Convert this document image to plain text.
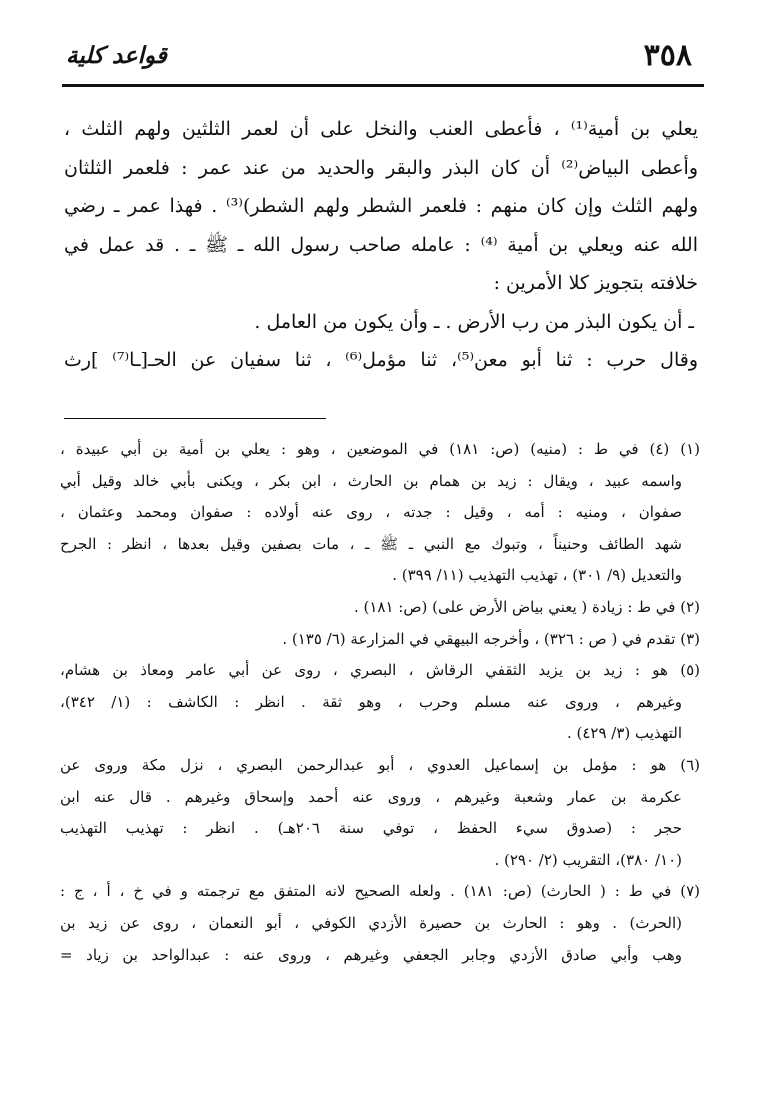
٣٥٨
قواعد كلية
يعلي بن أمية⁽¹⁾ ، فأعطى العنب والنخل على أن لعمر الثلثين ولهم الثلث ،
وأعطى البياض⁽²⁾ أن كان البذر والبقر والحديد من عند عمر : فلعمر الثلثان
ولهم الثلث وإن كان منهم : فلعمر الشطر ولهم الشطر)⁽³⁾ . فهذا عمر ـ رضي
الله عنه ويعلي بن أمية ⁽⁴⁾ : عامله صاحب رسول الله ـ ﷺ ـ . قد عمل في
خلافته بتجويز كلا الأمرين :
ـ أن يكون البذر من رب الأرض . ـ وأن يكون من العامل .
وقال حرب : ثنا أبو معن⁽⁵⁾، ثنا مؤمل⁽⁶⁾ ، ثنا سفيان عن الحـ[ـا⁽⁷⁾ ]رث
(١) (٤) في ط : (منيه) (ص: ١٨١) في الموضعين ، وهو : يعلي بن أمية بن أبي عبيدة ،
واسمه عبيد ، ويقال : زيد بن همام بن الحارث ، ابن بكر ، ويكنى بأبي خالد وقيل أبي
صفوان ، ومنيه : أمه ، وقيل : جدته ، روى عنه أولاده : صفوان ومحمد وعثمان ،
شهد الطائف وحنيناً ، وتبوك مع النبي ـ ﷺ ـ ، مات بصفين وقيل بعدها ، انظر : الجرح
والتعديل (٩/ ٣٠١) ، تهذيب التهذيب (١١/ ٣٩٩) .
(٢) في ط : زيادة ( يعني بياض الأرض على) (ص: ١٨١) .
(٣) تقدم في ( ص : ٣٢٦) ، وأخرجه البيهقي في المزارعة (٦/ ١٣٥) .
(٥) هو : زيد بن يزيد الثقفي الرقاش ، البصري ، روى عن أبي عامر ومعاذ بن هشام،
وغيرهم ، وروى عنه مسلم وحرب ، وهو ثقة . انظر : الكاشف : (١/ ٣٤٢)،
التهذيب (٣/ ٤٢٩) .
(٦) هو : مؤمل بن إسماعيل العدوي ، أبو عبدالرحمن البصري ، نزل مكة وروى عن
عكرمة بن عمار وشعبة وغيرهم ، وروى عنه أحمد وإسحاق وغيرهم . قال عنه ابن
حجر : (صدوق سيء الحفظ ، توفي سنة ٢٠٦هـ) . انظر : تهذيب التهذيب
(١٠/ ٣٨٠)، التقريب (٢/ ٢٩٠) .
(٧) في ط : ( الحارث) (ص: ١٨١) . ولعله الصحيح لانه المتفق مع ترجمته و في خ ، أ ، ج :
(الحرث) . وهو : الحارث بن حصيرة الأزدي الكوفي ، أبو النعمان ، روى عن زيد بن
وهب وأبي صادق الأزدي وجابر الجعفي وغيرهم ، وروى عنه : عبدالواحد بن زياد =
